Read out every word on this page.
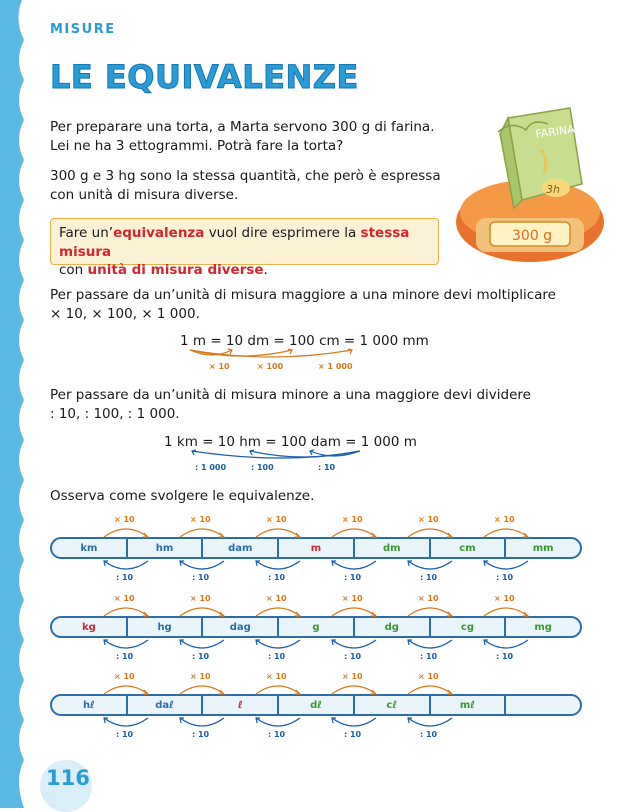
MISURE
LE EQUIVALENZE
Per preparare una torta, a Marta servono 300 g di farina.
Lei ne ha 3 ettogrammi. Potrà fare la torta?
300 g e 3 hg sono la stessa quantità, che però è espressa
con unità di misura diverse.
300 g
FARINA
3h
Fare un’equivalenza vuol dire esprimere la stessa misura
con unità di misura diverse.
Per passare da un’unità di misura maggiore a una minore devi moltiplicare
× 10, × 100, × 1 000.
1 m = 10 dm = 100 cm = 1 000 mm
× 10	× 100	× 1 000
Per passare da un’unità di misura minore a una maggiore devi dividere
: 10, : 100, : 1 000.
1 km = 10 hm = 100 dam = 1 000 m
: 1 000	: 100	: 10
Osserva come svolgere le equivalenze.
116
km	hm	dam	m	dm	cm	mm
× 10
: 10
× 10
: 10
× 10
: 10
× 10
: 10
× 10
: 10
× 10
: 10
kg	hg	dag	g	dg	cg	mg
× 10
: 10
× 10
: 10
× 10
: 10
× 10
: 10
× 10
: 10
× 10
: 10
hℓ	daℓ	ℓ	dℓ	cℓ	mℓ
× 10
: 10
× 10
: 10
× 10
: 10
× 10
: 10
× 10
: 10
